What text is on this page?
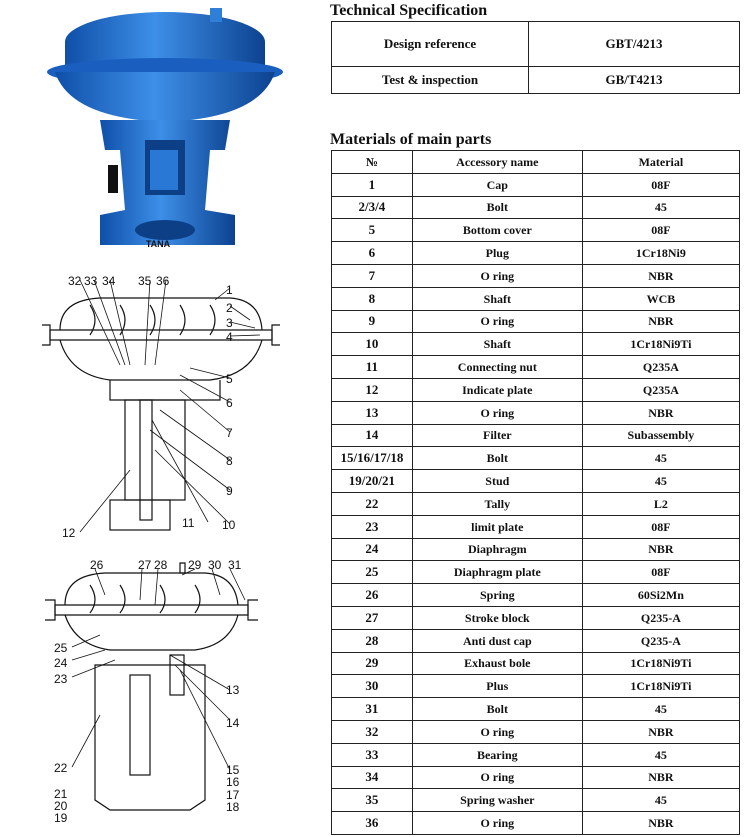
TANA
32 33 34 35 36
1
2
3
4
5
6
7
8
9
10
11
12
26	27 28 29 30 31
25
24
23
22
21
20
19
13
14
15
16
17
18
Technical Specification
Design reference	GBT/4213
Test & inspection	GB/T4213
Materials of main parts
№	Accessory name	Material
1	Cap	08F
2/3/4	Bolt	45
5	Bottom cover	08F
6	Plug	1Cr18Ni9
7	O ring	NBR
8	Shaft	WCB
9	O ring	NBR
10	Shaft	1Cr18Ni9Ti
11	Connecting nut	Q235A
12	Indicate plate	Q235A
13	O ring	NBR
14	Filter	Subassembly
15/16/17/18	Bolt	45
19/20/21	Stud	45
22	Tally	L2
23	limit plate	08F
24	Diaphragm	NBR
25	Diaphragm plate	08F
26	Spring	60Si2Mn
27	Stroke block	Q235-A
28	Anti dust cap	Q235-A
29	Exhaust bole	1Cr18Ni9Ti
30	Plus	1Cr18Ni9Ti
31	Bolt	45
32	O ring	NBR
33	Bearing	45
34	O ring	NBR
35	Spring washer	45
36	O ring	NBR
